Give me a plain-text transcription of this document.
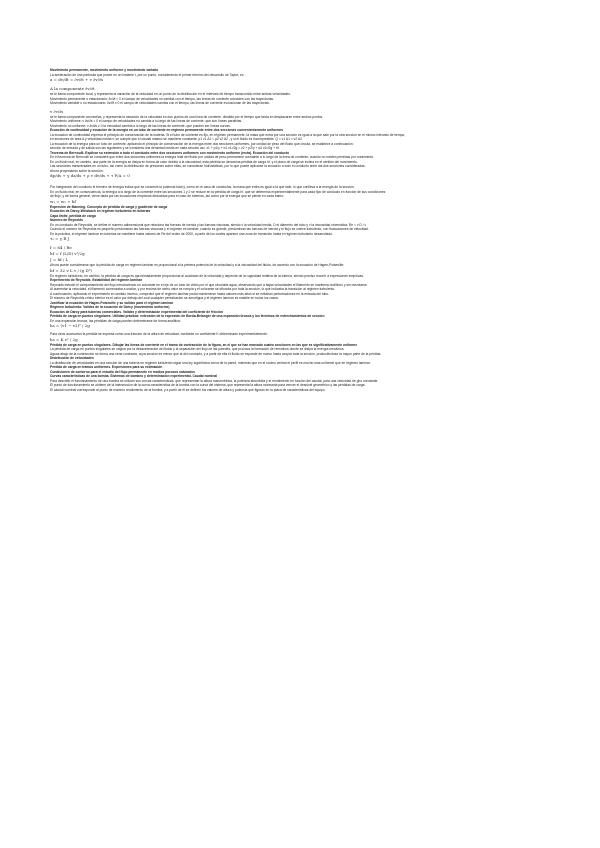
Movimiento permanente, movimiento uniforme y movimiento variado
La aceleración de una partícula que posee en un instante t, por un punto, considerando el primer término del desarrollo de Taylor, es
a = dv/dt = ∂v/∂t + v ∂v/∂s
A la componente ∂v/∂t
se le llama componente local, y representa la variación de la velocidad en un punto de la distribución en el intervalo de tiempo transcurrido entre ambas velocidades.
Movimiento permanente o estacionario: ∂v/∂t = 0 el campo de velocidades no cambia con el tiempo, las líneas de corriente coinciden con las trayectorias.
Movimiento variable o no estacionario: ∂v/∂t ≠ 0 el campo de velocidades cambia con el tiempo, las líneas de corriente evolucionan de las trayectorias.
v ∂v/∂s
se le llama componente convectiva, y representa la variación de la velocidad en dos puntos de una línea de corriente, dividida por el tiempo que tarda en desplazarse entre ambos puntos.
Movimiento uniforme: v ∂v/∂s = 0 el campo de velocidades no cambia a lo largo de las líneas de corriente, que son líneas paralelas.
Movimiento no uniforme: v ∂v/∂s ≠ 0 la velocidad cambia a lo largo de las líneas de corriente, que pueden ser líneas curvas.
Ecuación de continuidad y ecuación de la energía en un tubo de corriente en régimen permanente entre dos secciones convenientemente uniformes
La ecuación de continuidad expresa el principio de conservación de la materia. Si el tubo de corriente es fijo, en régimen permanente, la masa que entra por una sección es igual a la que sale por la otra sección en el mismo intervalo de tiempo,
en secciones de área A y velocidad media v, se cumple que el caudal másico se mantiene constante: ρ1 v1 A1 = ρ2 v2 A2 , y si el fluido es incompresible: Q = v1 A1 = v2 A2
La ecuación de la energía para un tubo de corriente, aplicando el principio de conservación de la energía entre dos secciones uniformes, por unidad de peso del fluido que circula, se establece a continuación:
sección de entrada y de salida son las siguientes y se considera una densidad media en cada sección así: z1 + p1/γ + α1 v1²/2g = z2 + p2/γ + α2 v2²/2g + hf
Teorema de Bernoulli. Explicar su extensión a todo el conducto entre dos secciones uniformes con movimiento uniforme (recta). Ecuación del conducto
En el teorema de Bernoulli se considera que entre dos secciones uniformes la energía total del fluido por unidad de peso permanece constante a lo largo de la línea de corriente, cuando no existen pérdidas por rozamiento.
En un fluido real, en cambio, una parte de la energía se disipa en forma de calor debido a la viscosidad; esta pérdida se denomina pérdida de carga hf, y el plano de carga se inclina en el sentido del movimiento.
Las secciones transversales en un tubo, así como la distribución de presiones sobre ellas, se consideran hidrostáticas, por lo que puede aplicarse la ecuación a todo el conducto entre las dos secciones consideradas.
Ahora proyectando sobre la sección:
dp/ds + γ dz/ds + ρ v dv/ds + τ P/A = 0
Por integración del conducto el término de energía indica que se conserva la potencia total y, como en el caso de conductos, la masa que entra es igual a la que sale, lo que conlleva a la energía de la sección.
En un fluido real, en consecuencia, la energía a lo largo de la corriente entre las secciones 1 y 2 se reduce en la pérdida de carga hf, que se determina experimentalmente para cada tipo de conducto en función de sus condiciones
de flujo, y de forma general, viene dada por las ecuaciones empíricas deducidas para el caso de tuberías, así como por la energía que se pierde en cada tramo:
w₁ = w₂ + hf
Expresión de Manning. Concepto de pérdida de carga y gradiente de carga
Ecuación de Darcy-Weisbach en régimen turbulento en tuberías
Capa límite, pérdida de carga
Número de Reynolds
En un conducto de Reynolds, se define el número adimensional que relaciona las fuerzas de inercia y las fuerzas viscosas, siendo v la velocidad media, D el diámetro del tubo y ν la viscosidad cinemática: Re = v D / ν
Cuando el número de Reynolds es pequeño predominan las fuerzas viscosas y el régimen es laminar; cuando es grande, predominan las fuerzas de inercia y el flujo se vuelve turbulento, con fluctuaciones de velocidad.
En la práctica, el régimen laminar en tuberías se mantiene hasta valores de Re del orden de 2000, a partir de los cuales aparece una zona de transición hasta el régimen turbulento desarrollado.
τ₀ = γ R J
f = 64 / Re
hf = f (L/D) v²/2g
J = hf / L
Ahora puede considerarse que la pérdida de carga en régimen laminar es proporcional a la primera potencia de la velocidad y a la viscosidad del fluido, de acuerdo con la ecuación de Hagen-Poiseuille:
hf = 32 ν L v / (g D²)
En régimen turbulento, en cambio, la pérdida de carga es aproximadamente proporcional al cuadrado de la velocidad y depende de la rugosidad relativa de la tubería, siendo preciso recurrir a expresiones empíricas.
Experimento de Reynolds. Estabilidad del régimen laminar
Reynolds estudió el comportamiento del flujo introduciendo un colorante en el eje de un tubo de vidrio por el que circulaba agua, observando que a bajas velocidades el filamento se mantenía rectilíneo y sin mezclarse.
Al aumentar la velocidad, el filamento comenzaba a oscilar, y por encima de cierto valor se rompía y el colorante se difundía por toda la sección, lo que indicaba la transición al régimen turbulento.
A continuación, aplicando el experimento en sentido inverso, comprobó que el régimen laminar podía mantenerse hasta valores más altos si se evitaban perturbaciones en la entrada del tubo.
El número de Reynolds crítico inferior es el valor por debajo del cual cualquier perturbación se amortigua y el régimen laminar es estable en todos los casos.
Justificar la ecuación de Hagen-Poiseuille y su validez para el régimen laminar
Régimen turbulento: Validez de la ecuación de Darcy (movimiento uniforme)
Ecuación de Darcy para tuberías comerciales. Validez y determinación experimental del coeficiente de fricción
Pérdida de carga en puntos singulares. Utilidad práctica: extensión de la expresión de Borda-Belanger de una expansión brusca y los términos de estrechamientos de sección
En una expansión brusca, las pérdidas de carga pueden determinarse de forma analítica:
hs = (v1 − v2)² / 2g
Para otros accesorios la pérdida se expresa como una fracción de la altura de velocidad, mediante un coeficiente K determinado experimentalmente:
hs = K v² / 2g
Pérdida de carga en puntos singulares. Dibujar las líneas de corriente en el tramo de contracción de la figura, en el que se han marcado cuatro secciones en las que es significativamente uniforme
La pérdida de carga en puntos singulares se origina por la desaceleración del fluido y la separación del flujo de las paredes, que provoca la formación de remolinos donde se disipa la energía mecánica.
Aguas abajo de la contracción se forma una vena contracta, cuya sección es menor que la del conducto, y a partir de ella el fluido se expande de nuevo hasta ocupar toda la sección, produciéndose la mayor parte de la pérdida.
Distribución de velocidades
La distribución de velocidades en una sección de una tubería en régimen turbulento sigue una ley logarítmica cerca de la pared, mientras que en el núcleo central el perfil es mucho más uniforme que en régimen laminar.
Pérdida de carga en tramos uniformes. Expresiones para su estimación
Condiciones de contorno para el estudio del flujo permanente en medios porosos saturados
Curvas características de una bomba. Sistemas de bombeo y determinación experimental. Caudal nominal
Para describir el funcionamiento de una bomba se utilizan sus curvas características, que representan la altura manométrica, la potencia absorbida y el rendimiento en función del caudal, para una velocidad de giro constante.
El punto de funcionamiento se obtiene de la intersección de la curva característica de la bomba con la curva del sistema, que representa la altura necesaria para vencer el desnivel geométrico y las pérdidas de carga.
El caudal nominal corresponde al punto de máximo rendimiento de la bomba, y a partir de él se definen los valores de altura y potencia que figuran en la placa de características del equipo.
